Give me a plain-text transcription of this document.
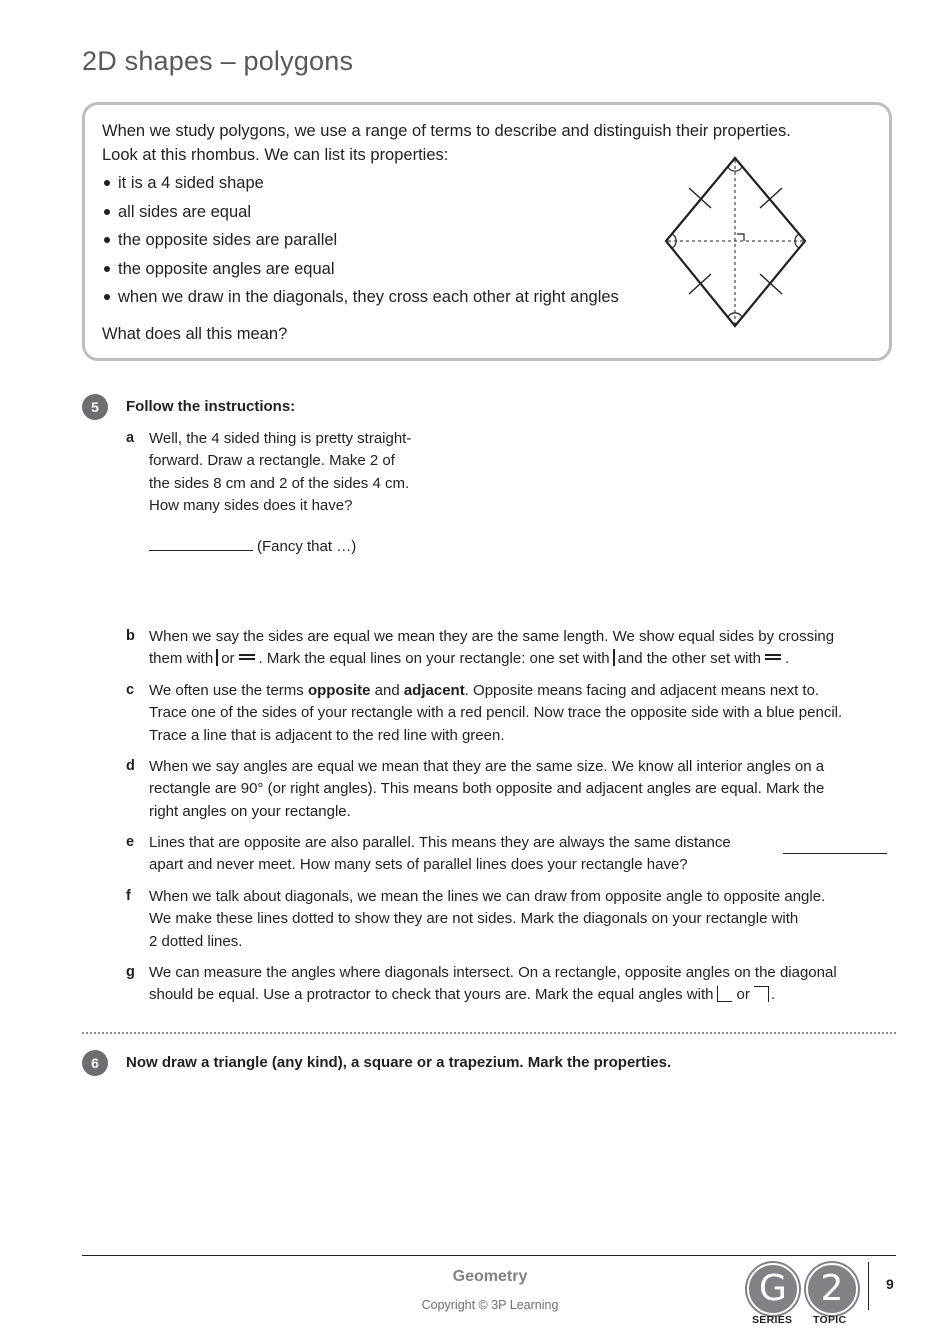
2D shapes – polygons
When we study polygons, we use a range of terms to describe and distinguish their properties.
Look at this rhombus. We can list its properties:
it is a 4 sided shape
all sides are equal
the opposite sides are parallel
the opposite angles are equal
when we draw in the diagonals, they cross each other at right angles
What does all this mean?
5	Follow the instructions:
a Well, the 4 sided thing is pretty straight-
forward. Draw a rectangle. Make 2 of
the sides 8 cm and 2 of the sides 4 cm.
How many sides does it have?
(Fancy that …)
b When we say the sides are equal we mean they are the same length. We show equal sides by crossing
them with or . Mark the equal lines on your rectangle: one set with and the other set with .
c We often use the terms opposite and adjacent. Opposite means facing and adjacent means next to.
Trace one of the sides of your rectangle with a red pencil. Now trace the opposite side with a blue pencil.
Trace a line that is adjacent to the red line with green.
d When we say angles are equal we mean that they are the same size. We know all interior angles on a
rectangle are 90° (or right angles). This means both opposite and adjacent angles are equal. Mark the
right angles on your rectangle.
e Lines that are opposite are also parallel. This means they are always the same distance
apart and never meet. How many sets of parallel lines does your rectangle have?
f When we talk about diagonals, we mean the lines we can draw from opposite angle to opposite angle.
We make these lines dotted to show they are not sides. Mark the diagonals on your rectangle with
2 dotted lines.
g We can measure the angles where diagonals intersect. On a rectangle, opposite angles on the diagonal
should be equal. Use a protractor to check that yours are. Mark the equal angles with or .
6	Now draw a triangle (any kind), a square or a trapezium. Mark the properties.
Geometry
Copyright © 3P Learning	G
SERIES
2
TOPIC
9
